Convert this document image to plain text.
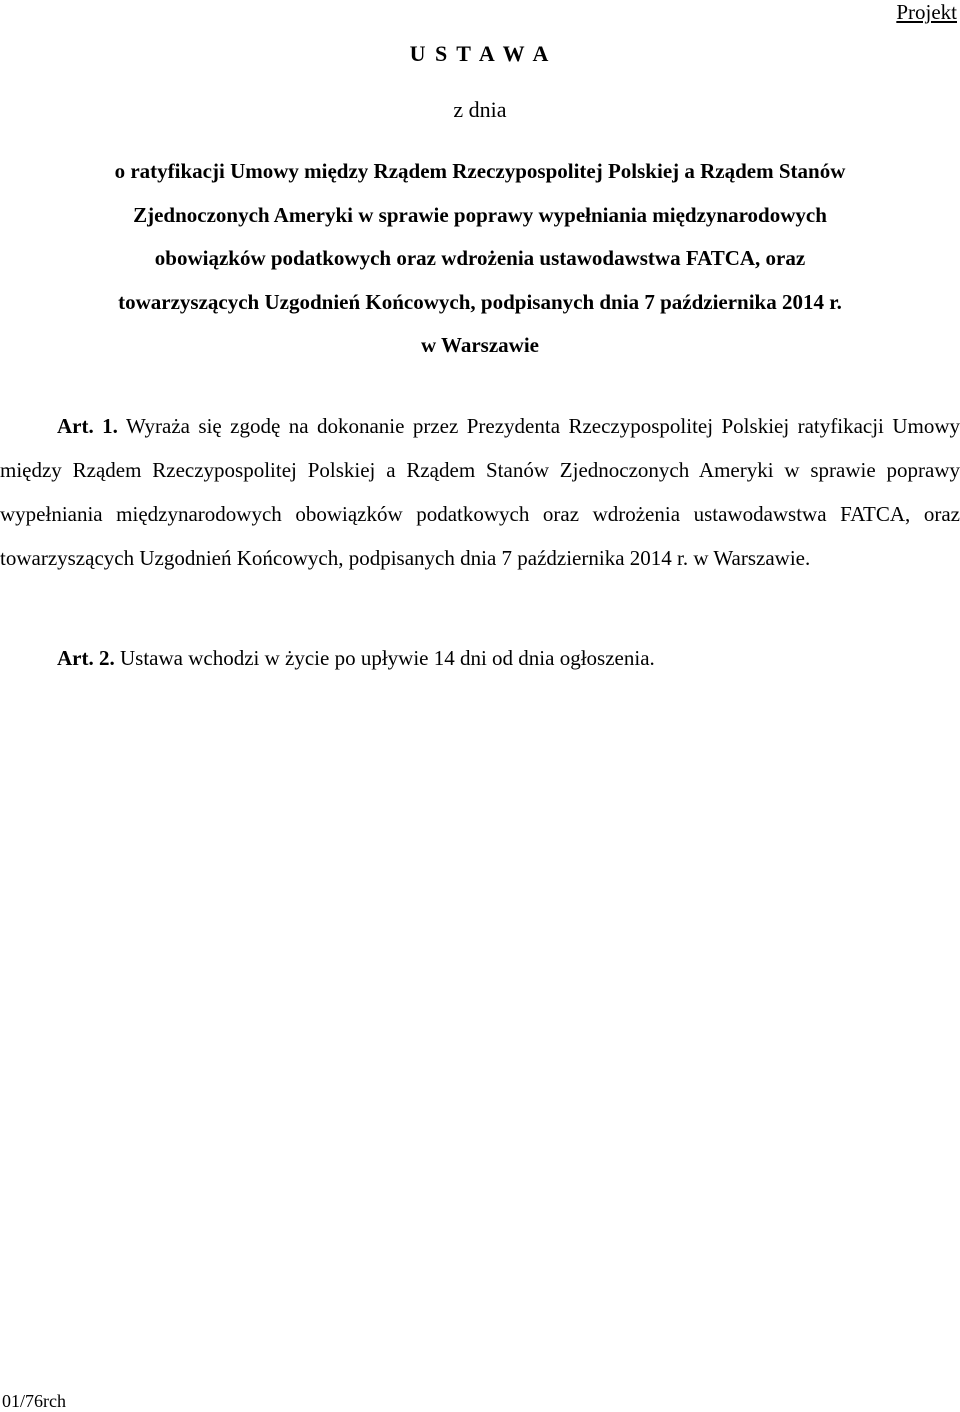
Projekt
U S T A W A
z dnia
o ratyfikacji Umowy między Rządem Rzeczypospolitej Polskiej a Rządem Stanów
Zjednoczonych Ameryki w sprawie poprawy wypełniania międzynarodowych
obowiązków podatkowych oraz wdrożenia ustawodawstwa FATCA, oraz
towarzyszących Uzgodnień Końcowych, podpisanych dnia 7 października 2014 r.
w Warszawie

Art. 1. Wyraża się zgodę na dokonanie przez Prezydenta Rzeczypospolitej Polskiej ratyfikacji Umowy między Rządem Rzeczypospolitej Polskiej a Rządem Stanów Zjednoczonych Ameryki w sprawie poprawy wypełniania międzynarodowych obowiązków podatkowych oraz wdrożenia ustawodawstwa FATCA, oraz towarzyszących Uzgodnień Końcowych, podpisanych dnia 7 października 2014 r. w Warszawie.

Art. 2. Ustawa wchodzi w życie po upływie 14 dni od dnia ogłoszenia.

01/76rch
